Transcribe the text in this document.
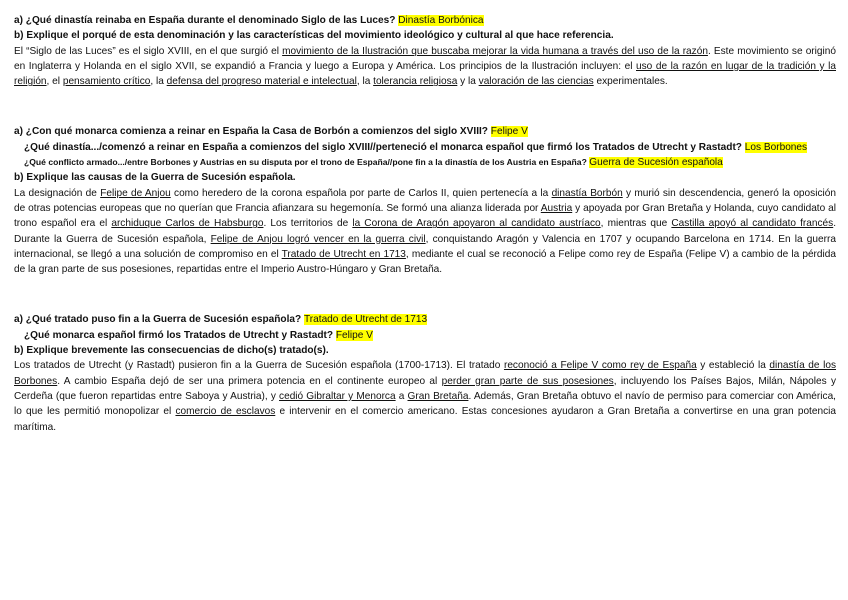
a) ¿Qué dinastía reinaba en España durante el denominado Siglo de las Luces? Dinastía Borbónica

b) Explique el porqué de esta denominación y las características del movimiento ideológico y cultural al que hace referencia.

El “Siglo de las Luces” es el siglo XVIII, en el que surgió el movimiento de la Ilustración que buscaba mejorar la vida humana a través del uso de la razón. Este movimiento se originó en Inglaterra y Holanda en el siglo XVII, se expandió a Francia y luego a Europa y América. Los principios de la Ilustración incluyen: el uso de la razón en lugar de la tradición y la religión, el pensamiento crítico, la defensa del progreso material e intelectual, la tolerancia religiosa y la valoración de las ciencias experimentales.

a) ¿Con qué monarca comienza a reinar en España la Casa de Borbón a comienzos del siglo XVIII? Felipe V

¿Qué dinastía.../comenzó a reinar en España a comienzos del siglo XVIII//perteneció el monarca español que firmó los Tratados de Utrecht y Rastadt? Los Borbones

¿Qué conflicto armado.../entre Borbones y Austrias en su disputa por el trono de España//pone fin a la dinastía de los Austria en España? Guerra de Sucesión española

b) Explique las causas de la Guerra de Sucesión española.

La designación de Felipe de Anjou como heredero de la corona española por parte de Carlos II, quien pertenecía a la dinastía Borbón y murió sin descendencia, generó la oposición de otras potencias europeas que no querían que Francia afianzara su hegemonía. Se formó una alianza liderada por Austria y apoyada por Gran Bretaña y Holanda, cuyo candidato al trono español era el archiduque Carlos de Habsburgo. Los territorios de la Corona de Aragón apoyaron al candidato austríaco, mientras que Castilla apoyó al candidato francés. Durante la Guerra de Sucesión española, Felipe de Anjou logró vencer en la guerra civil, conquistando Aragón y Valencia en 1707 y ocupando Barcelona en 1714. En la guerra internacional, se llegó a una solución de compromiso en el Tratado de Utrecht en 1713, mediante el cual se reconoció a Felipe como rey de España (Felipe V) a cambio de la pérdida de la gran parte de sus posesiones, repartidas entre el Imperio Austro-Húngaro y Gran Bretaña.

a) ¿Qué tratado puso fin a la Guerra de Sucesión española? Tratado de Utrecht de 1713

¿Qué monarca español firmó los Tratados de Utrecht y Rastadt? Felipe V

b) Explique brevemente las consecuencias de dicho(s) tratado(s).

Los tratados de Utrecht (y Rastadt) pusieron fin a la Guerra de Sucesión española (1700-1713). El tratado reconoció a Felipe V como rey de España y estableció la dinastía de los Borbones. A cambio España dejó de ser una primera potencia en el continente europeo al perder gran parte de sus posesiones, incluyendo los Países Bajos, Milán, Nápoles y Cerdeña (que fueron repartidas entre Saboya y Austria), y cedió Gibraltar y Menorca a Gran Bretaña. Además, Gran Bretaña obtuvo el navío de permiso para comerciar con América, lo que les permitió monopolizar el comercio de esclavos e intervenir en el comercio americano. Estas concesiones ayudaron a Gran Bretaña a convertirse en una gran potencia marítima.
